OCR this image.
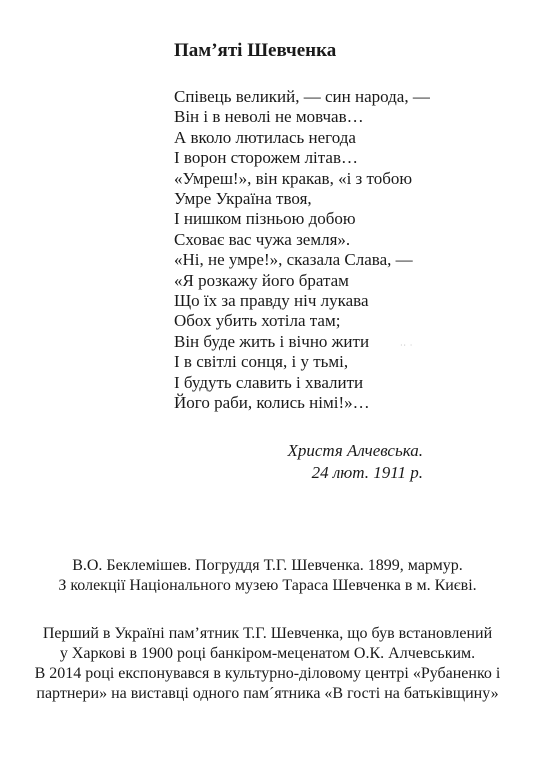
Пам’яті Шевченка
Співець великий, — син народа, —
Він і в неволі не мовчав…
А вколо лютилась негода
І ворон сторожем літав…
«Умреш!», він кракав, «і з тобою
Умре Україна твоя,
І нишком пізньою добою
Сховає вас чужа земля».
«Ні, не умре!», сказала Слава, —
«Я розкажу його братам
Що їх за правду ніч лукава
Обох убить хотіла там;
Він буде жить і вічно жити
І в світлі сонця, і у тьмі,
І будуть славить і хвалити
Його раби, колись німі!»…
·⸱ ·
Христя Алчевська.
24 лют. 1911 р.
В.О. Беклемішев. Погруддя Т.Г. Шевченка. 1899, мармур.
З колекції Національного музею Тараса Шевченка в м. Києві.
Перший в Україні пам’ятник Т.Г. Шевченка, що був встановлений
у Харкові в 1900 році банкіром-меценатом О.К. Алчевським.
В 2014 році експонувався в культурно-діловому центрі «Рубаненко і
партнери» на виставці одного пам´ятника «В гості на батьківщину»
